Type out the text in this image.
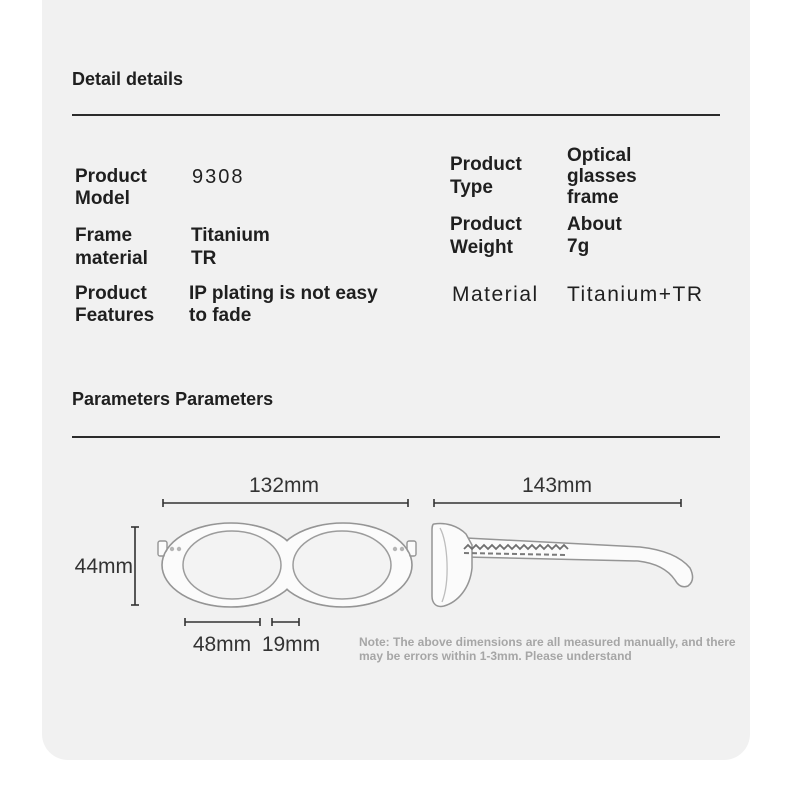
Detail details
Product
Model
9308
Frame
material
Titanium
TR
Product
Features
IP plating is not easy
to fade
Product
Type
Optical
glasses
frame
Product
Weight
About
7g
Material Titanium+TR
Parameters Parameters
132mm	143mm
44mm
48mm 19mm	Note: The above dimensions are all measured manually, and there may be errors within 1-3mm. Please understand
